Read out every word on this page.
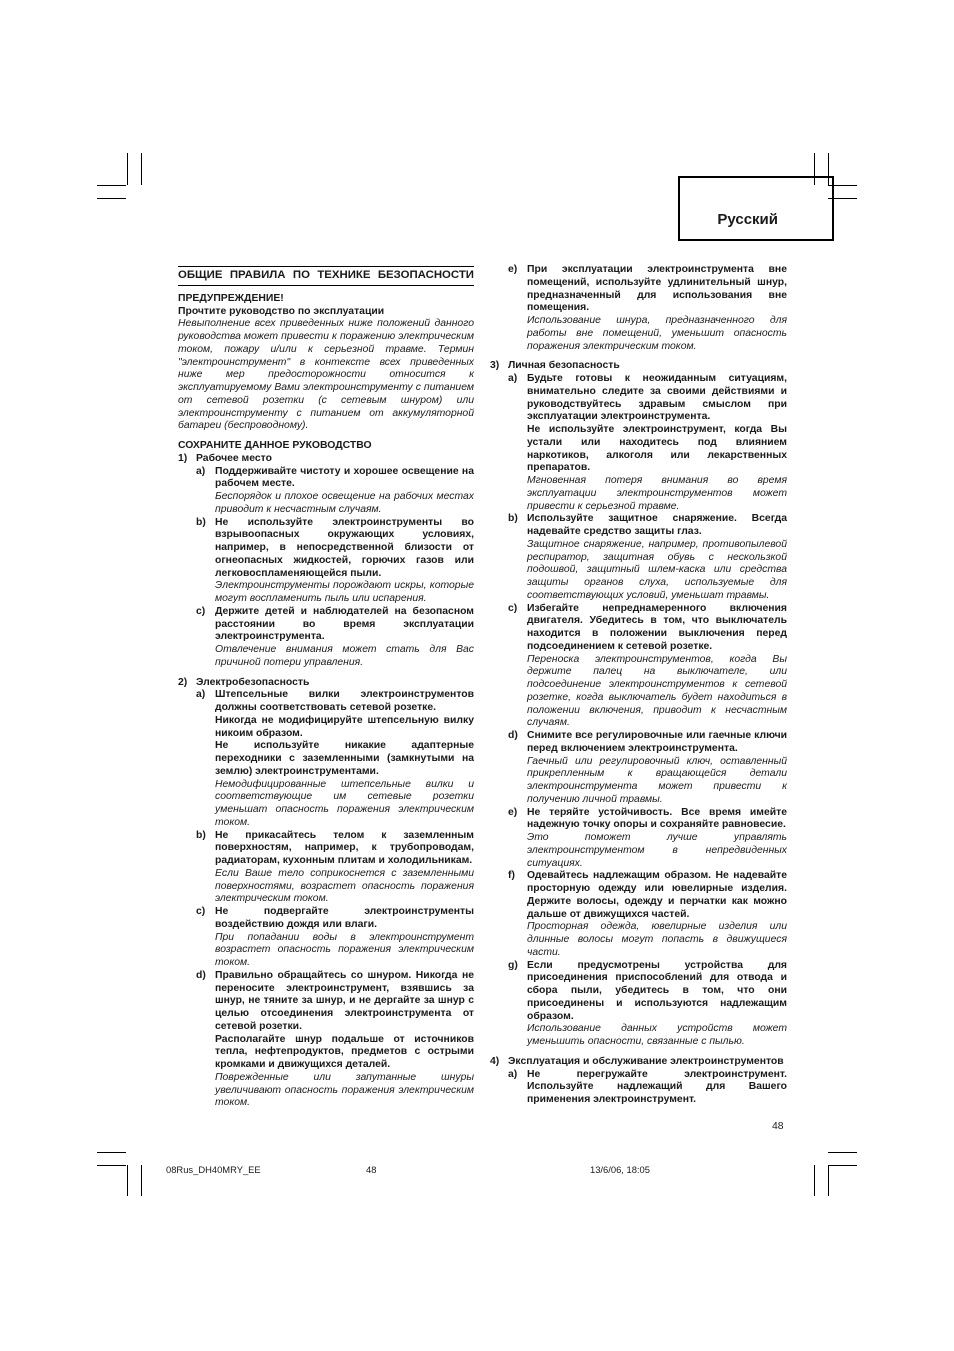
Русский
ОБЩИЕ ПРАВИЛА ПО ТЕХНИКЕ БЕЗОПАСНОСТИ
ПРЕДУПРЕЖДЕНИЕ!
Прочтите руководство по эксплуатации
Невыполнение всех приведенных ниже положений данного руководства может привести к поражению электрическим током, пожару и/или к серьезной травме. Термин "электроинструмент" в контексте всех приведенных ниже мер предосторожности относится к эксплуатируемому Вами электроинструменту с питанием от сетевой розетки (с сетевым шнуром) или электроинструменту с питанием от аккумуляторной батареи (беспроводному).
СОХРАНИТЕ ДАННОЕ РУКОВОДСТВО
1) Рабочее место
a) Поддерживайте чистоту и хорошее освещение на рабочем месте.
Беспорядок и плохое освещение на рабочих местах приводит к несчастным случаям.
b) Не используйте электроинструменты во взрывоопасных окружающих условиях, например, в непосредственной близости от огнеопасных жидкостей, горючих газов или легковоспламеняющейся пыли.
Электроинструменты порождают искры, которые могут воспламенить пыль или испарения.
c) Держите детей и наблюдателей на безопасном расстоянии во время эксплуатации электроинструмента.
Отвлечение внимания может стать для Вас причиной потери управления.
2) Электробезопасность
a) Штепсельные вилки электроинструментов должны соответствовать сетевой розетке.
Никогда не модифицируйте штепсельную вилку никоим образом.
Не используйте никакие адаптерные переходники с заземленными (замкнутыми на землю) электроинструментами.
Немодифицированные штепсельные вилки и соответствующие им сетевые розетки уменьшат опасность поражения электрическим током.
b) Не прикасайтесь телом к заземленным поверхностям, например, к трубопроводам, радиаторам, кухонным плитам и холодильникам.
Если Ваше тело соприкоснется с заземленными поверхностями, возрастет опасность поражения электрическим током.
c) Не подвергайте электроинструменты воздействию дождя или влаги.
При попадании воды в электроинструмент возрастет опасность поражения электрическим током.
d) Правильно обращайтесь со шнуром. Никогда не переносите электроинструмент, взявшись за шнур, не тяните за шнур, и не дергайте за шнур с целью отсоединения электроинструмента от сетевой розетки.
Располагайте шнур подальше от источников тепла, нефтепродуктов, предметов с острыми кромками и движущихся деталей.
Поврежденные или запутанные шнуры увеличивают опасность поражения электрическим током.
e) При эксплуатации электроинструмента вне помещений, используйте удлинительный шнур, предназначенный для использования вне помещения.
Использование шнура, предназначенного для работы вне помещений, уменьшит опасность поражения электрическим током.
3) Личная безопасность
a) Будьте готовы к неожиданным ситуациям, внимательно следите за своими действиями и руководствуйтесь здравым смыслом при эксплуатации электроинструмента.
Не используйте электроинструмент, когда Вы устали или находитесь под влиянием наркотиков, алкоголя или лекарственных препаратов.
Мгновенная потеря внимания во время эксплуатации электроинструментов может привести к серьезной травме.
b) Используйте защитное снаряжение. Всегда надевайте средство защиты глаз.
Защитное снаряжение, например, противопылевой респиратор, защитная обувь с нескользкой подошвой, защитный шлем-каска или средства защиты органов слуха, используемые для соответствующих условий, уменьшат травмы.
c) Избегайте непреднамеренного включения двигателя. Убедитесь в том, что выключатель находится в положении выключения перед подсоединением к сетевой розетке.
Переноска электроинструментов, когда Вы держите палец на выключателе, или подсоединение электроинструментов к сетевой розетке, когда выключатель будет находиться в положении включения, приводит к несчастным случаям.
d) Снимите все регулировочные или гаечные ключи перед включением электроинструмента.
Гаечный или регулировочный ключ, оставленный прикрепленным к вращающейся детали электроинструмента может привести к получению личной травмы.
e) Не теряйте устойчивость. Все время имейте надежную точку опоры и сохраняйте равновесие.
Это поможет лучше управлять электроинструментом в непредвиденных ситуациях.
f) Одевайтесь надлежащим образом. Не надевайте просторную одежду или ювелирные изделия. Держите волосы, одежду и перчатки как можно дальше от движущихся частей.
Просторная одежда, ювелирные изделия или длинные волосы могут попасть в движущиеся части.
g) Если предусмотрены устройства для присоединения приспособлений для отвода и сбора пыли, убедитесь в том, что они присоединены и используются надлежащим образом.
Использование данных устройств может уменьшить опасности, связанные с пылью.
4) Эксплуатация и обслуживание электроинструментов
a) Не перегружайте электроинструмент. Используйте надлежащий для Вашего применения электроинструмент.
48
08Rus_DH40MRY_EE	48	13/6/06, 18:05
